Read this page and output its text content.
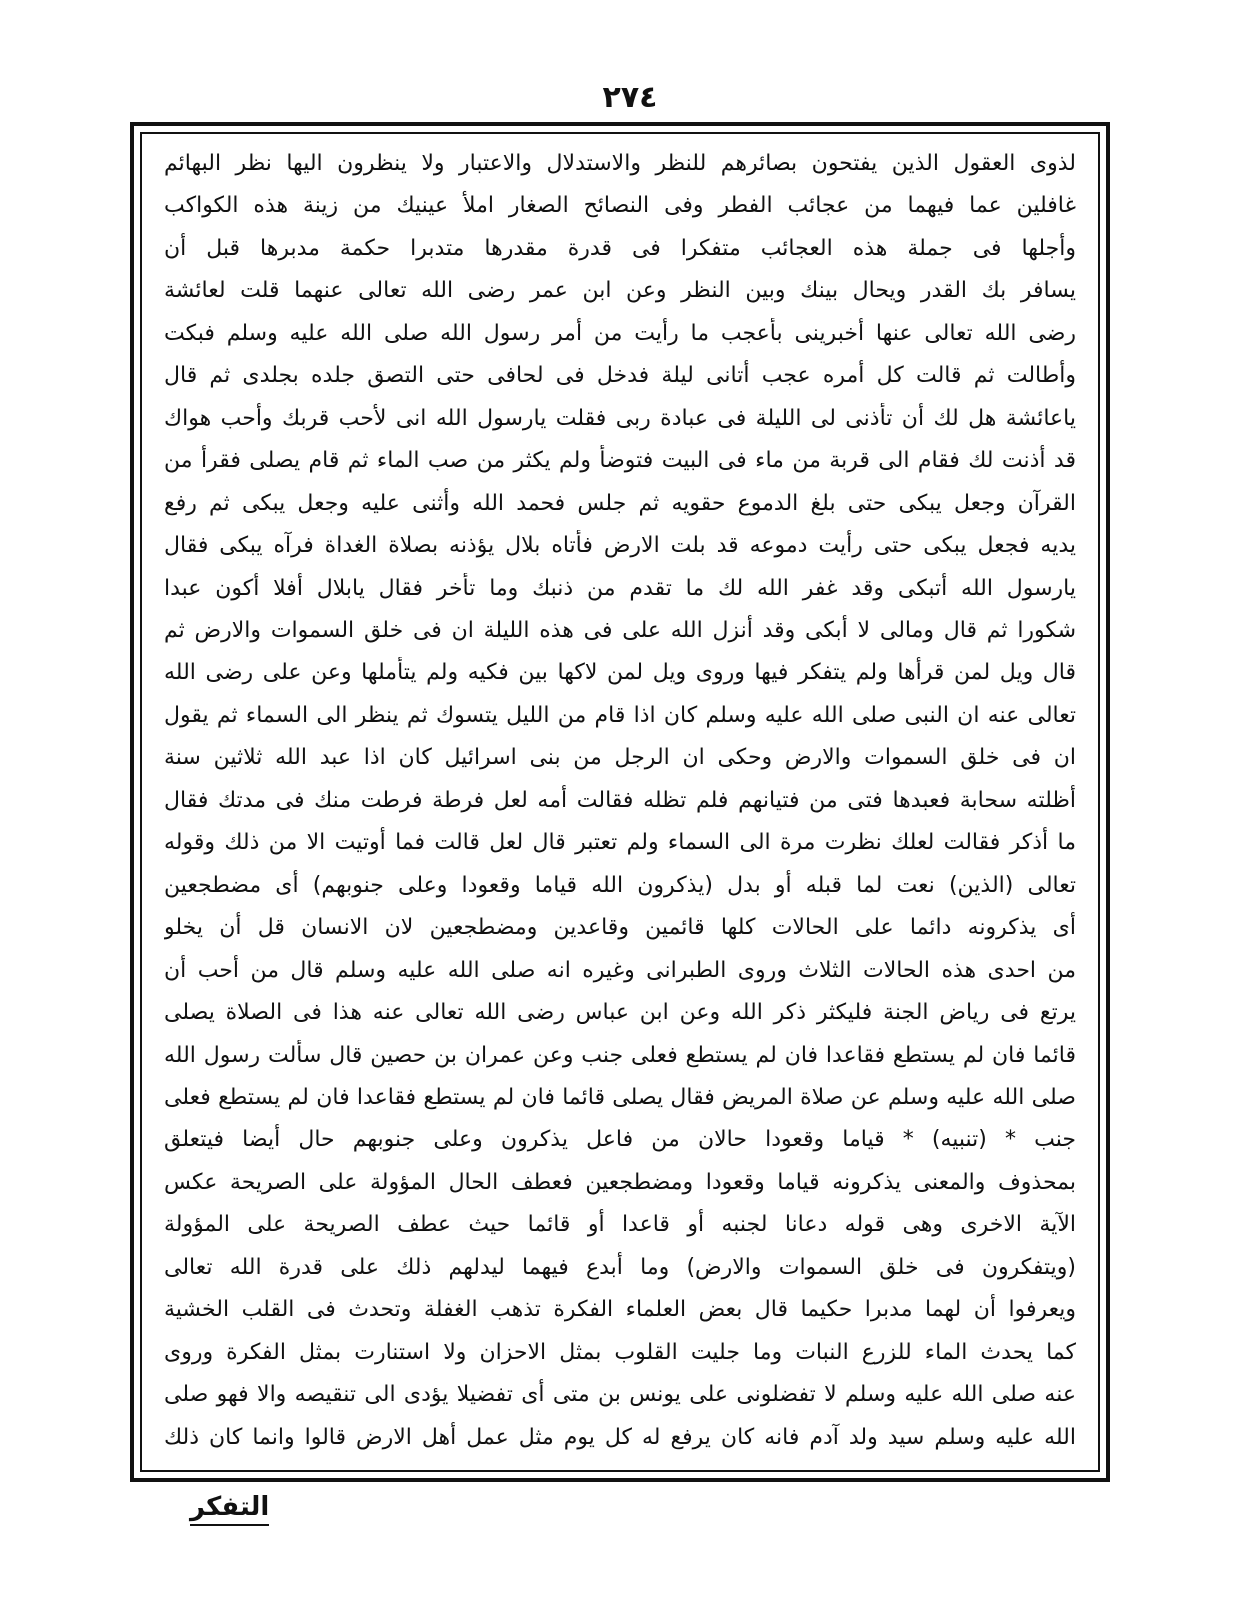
٢٧٤
لذوى العقول الذين يفتحون بصائرهم للنظر والاستدلال والاعتبار ولا ينظرون اليها نظر البهائم
غافلين عما فيهما من عجائب الفطر وفى النصائح الصغار املأ عينيك من زينة هذه الكواكب
وأجلها فى جملة هذه العجائب متفكرا فى قدرة مقدرها متدبرا حكمة مدبرها قبل أن
يسافر بك القدر ويحال بينك وبين النظر وعن ابن عمر رضى الله تعالى عنهما قلت لعائشة
رضى الله تعالى عنها أخبرينى بأعجب ما رأيت من أمر رسول الله صلى الله عليه وسلم فبكت
وأطالت ثم قالت كل أمره عجب أتانى ليلة فدخل فى لحافى حتى التصق جلده بجلدى ثم قال
ياعائشة هل لك أن تأذنى لى الليلة فى عبادة ربى فقلت يارسول الله انى لأحب قربك وأحب هواك
قد أذنت لك فقام الى قربة من ماء فى البيت فتوضأ ولم يكثر من صب الماء ثم قام يصلى فقرأ من
القرآن وجعل يبكى حتى بلغ الدموع حقويه ثم جلس فحمد الله وأثنى عليه وجعل يبكى ثم رفع
يديه فجعل يبكى حتى رأيت دموعه قد بلت الارض فأتاه بلال يؤذنه بصلاة الغداة فرآه يبكى فقال
يارسول الله أتبكى وقد غفر الله لك ما تقدم من ذنبك وما تأخر فقال يابلال أفلا أكون عبدا
شكورا ثم قال ومالى لا أبكى وقد أنزل الله على فى هذه الليلة ان فى خلق السموات والارض ثم
قال ويل لمن قرأها ولم يتفكر فيها وروى ويل لمن لاكها بين فكيه ولم يتأملها وعن على رضى الله
تعالى عنه ان النبى صلى الله عليه وسلم كان اذا قام من الليل يتسوك ثم ينظر الى السماء ثم يقول
ان فى خلق السموات والارض وحكى ان الرجل من بنى اسرائيل كان اذا عبد الله ثلاثين سنة
أظلته سحابة فعبدها فتى من فتيانهم فلم تظله فقالت أمه لعل فرطة فرطت منك فى مدتك فقال
ما أذكر فقالت لعلك نظرت مرة الى السماء ولم تعتبر قال لعل قالت فما أوتيت الا من ذلك وقوله
تعالى (الذين) نعت لما قبله أو بدل (يذكرون الله قياما وقعودا وعلى جنوبهم) أى مضطجعين
أى يذكرونه دائما على الحالات كلها قائمين وقاعدين ومضطجعين لان الانسان قل أن يخلو
من احدى هذه الحالات الثلاث وروى الطبرانى وغيره انه صلى الله عليه وسلم قال من أحب أن
يرتع فى رياض الجنة فليكثر ذكر الله وعن ابن عباس رضى الله تعالى عنه هذا فى الصلاة يصلى
قائما فان لم يستطع فقاعدا فان لم يستطع فعلى جنب وعن عمران بن حصين قال سألت رسول الله
صلى الله عليه وسلم عن صلاة المريض فقال يصلى قائما فان لم يستطع فقاعدا فان لم يستطع فعلى
جنب * (تنبيه) * قياما وقعودا حالان من فاعل يذكرون وعلى جنوبهم حال أيضا فيتعلق
بمحذوف والمعنى يذكرونه قياما وقعودا ومضطجعين فعطف الحال المؤولة على الصريحة عكس
الآية الاخرى وهى قوله دعانا لجنبه أو قاعدا أو قائما حيث عطف الصريحة على المؤولة
(ويتفكرون فى خلق السموات والارض) وما أبدع فيهما ليدلهم ذلك على قدرة الله تعالى
ويعرفوا أن لهما مدبرا حكيما قال بعض العلماء الفكرة تذهب الغفلة وتحدث فى القلب الخشية
كما يحدث الماء للزرع النبات وما جليت القلوب بمثل الاحزان ولا استنارت بمثل الفكرة وروى
عنه صلى الله عليه وسلم لا تفضلونى على يونس بن متى أى تفضيلا يؤدى الى تنقيصه والا فهو صلى
الله عليه وسلم سيد ولد آدم فانه كان يرفع له كل يوم مثل عمل أهل الارض قالوا وانما كان ذلك
التفكر
